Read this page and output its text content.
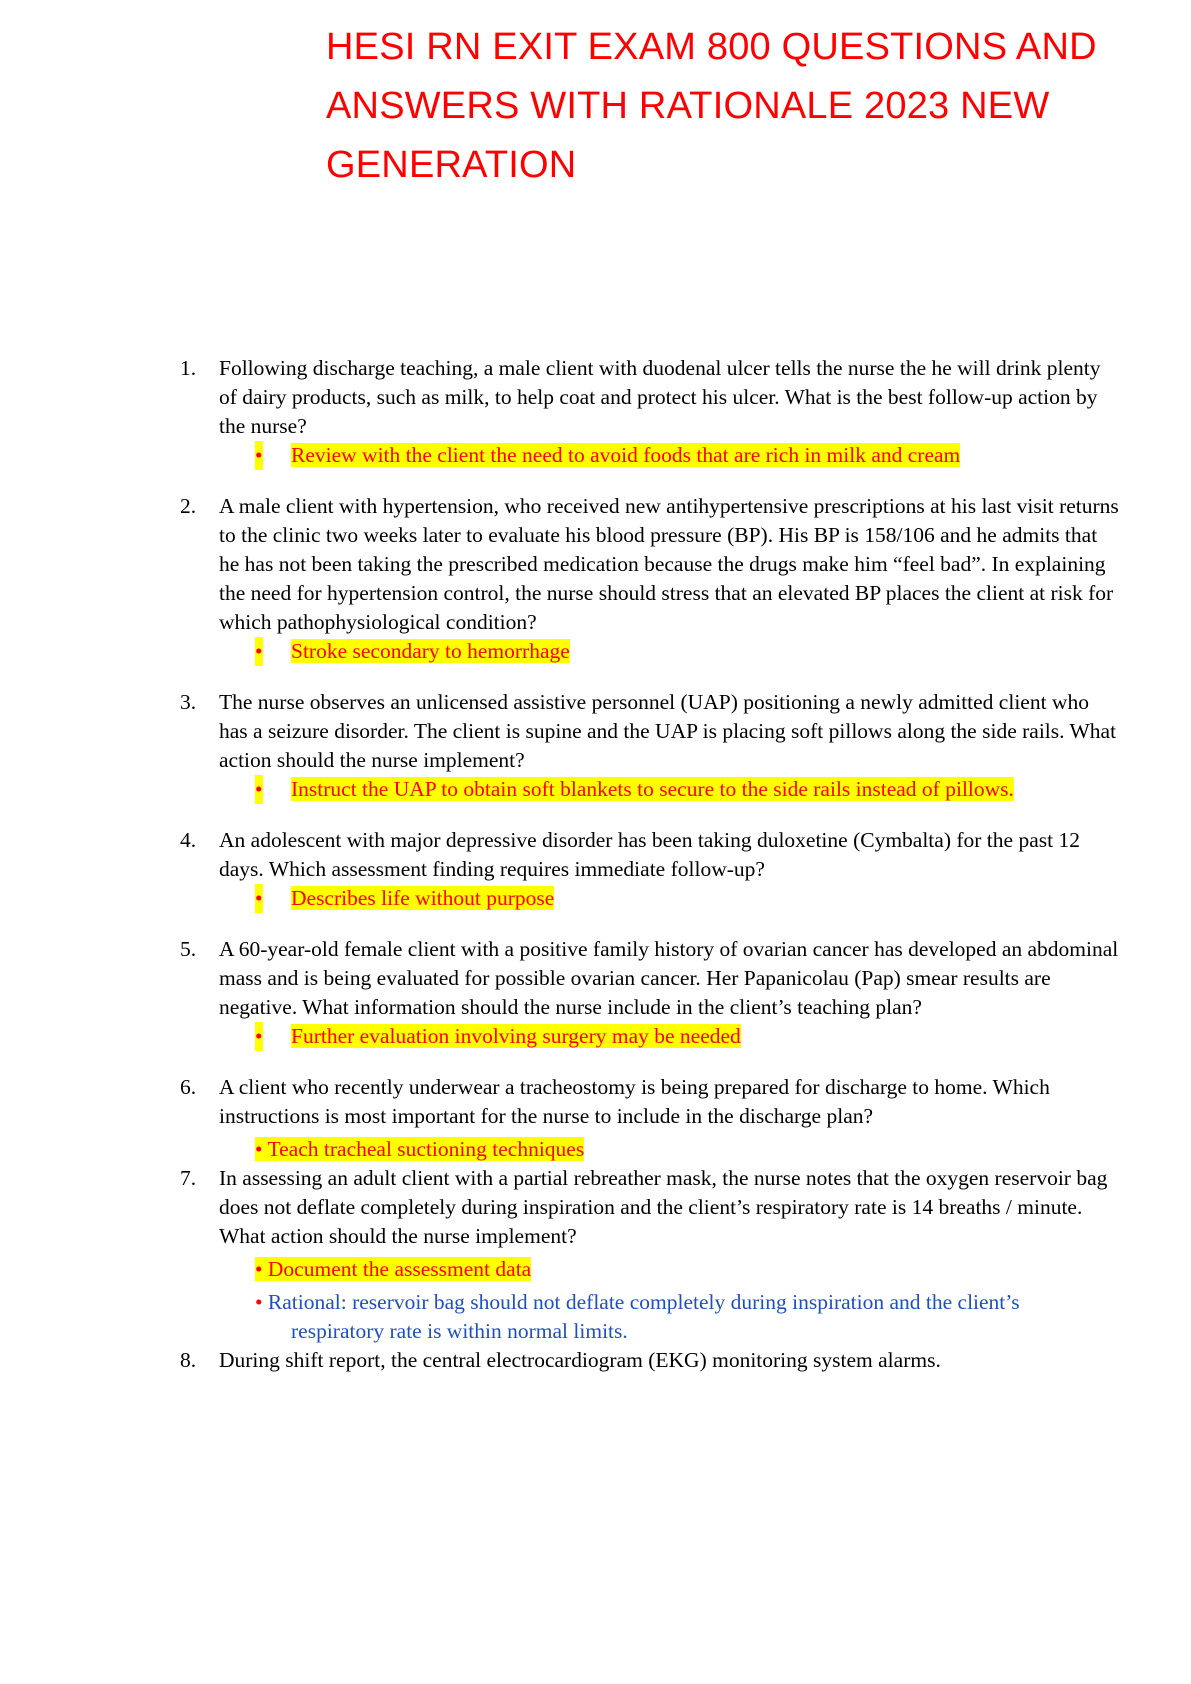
HESI RN EXIT EXAM 800 QUESTIONS AND
ANSWERS WITH RATIONALE 2023 NEW
GENERATION
1.	Following discharge teaching, a male client with duodenal ulcer tells the nurse the he will drink plenty of dairy products, such as milk, to help coat and protect his ulcer. What is the best follow-up action by the nurse?
• Review with the client the need to avoid foods that are rich in milk and cream
2.	A male client with hypertension, who received new antihypertensive prescriptions at his last visit returns to the clinic two weeks later to evaluate his blood pressure (BP). His BP is 158/106 and he admits that he has not been taking the prescribed medication because the drugs make him “feel bad”. In explaining the need for hypertension control, the nurse should stress that an elevated BP places the client at risk for which pathophysiological condition?
• Stroke secondary to hemorrhage
3.	The nurse observes an unlicensed assistive personnel (UAP) positioning a newly admitted client who has a seizure disorder. The client is supine and the UAP is placing soft pillows along the side rails. What action should the nurse implement?
• Instruct the UAP to obtain soft blankets to secure to the side rails instead of pillows.
4.	An adolescent with major depressive disorder has been taking duloxetine (Cymbalta) for the past 12 days. Which assessment finding requires immediate follow-up?
• Describes life without purpose
5.	A 60-year-old female client with a positive family history of ovarian cancer has developed an abdominal mass and is being evaluated for possible ovarian cancer. Her Papanicolau (Pap) smear results are negative. What information should the nurse include in the client’s teaching plan?
• Further evaluation involving surgery may be needed
6.	A client who recently underwear a tracheostomy is being prepared for discharge to home. Which instructions is most important for the nurse to include in the discharge plan?
• Teach tracheal suctioning techniques
7.	In assessing an adult client with a partial rebreather mask, the nurse notes that the oxygen reservoir bag does not deflate completely during inspiration and the client’s respiratory rate is 14 breaths / minute. What action should the nurse implement?
• Document the assessment data
• Rational: reservoir bag should not deflate completely during inspiration and the client’s
respiratory rate is within normal limits.
8.	During shift report, the central electrocardiogram (EKG) monitoring system alarms.
